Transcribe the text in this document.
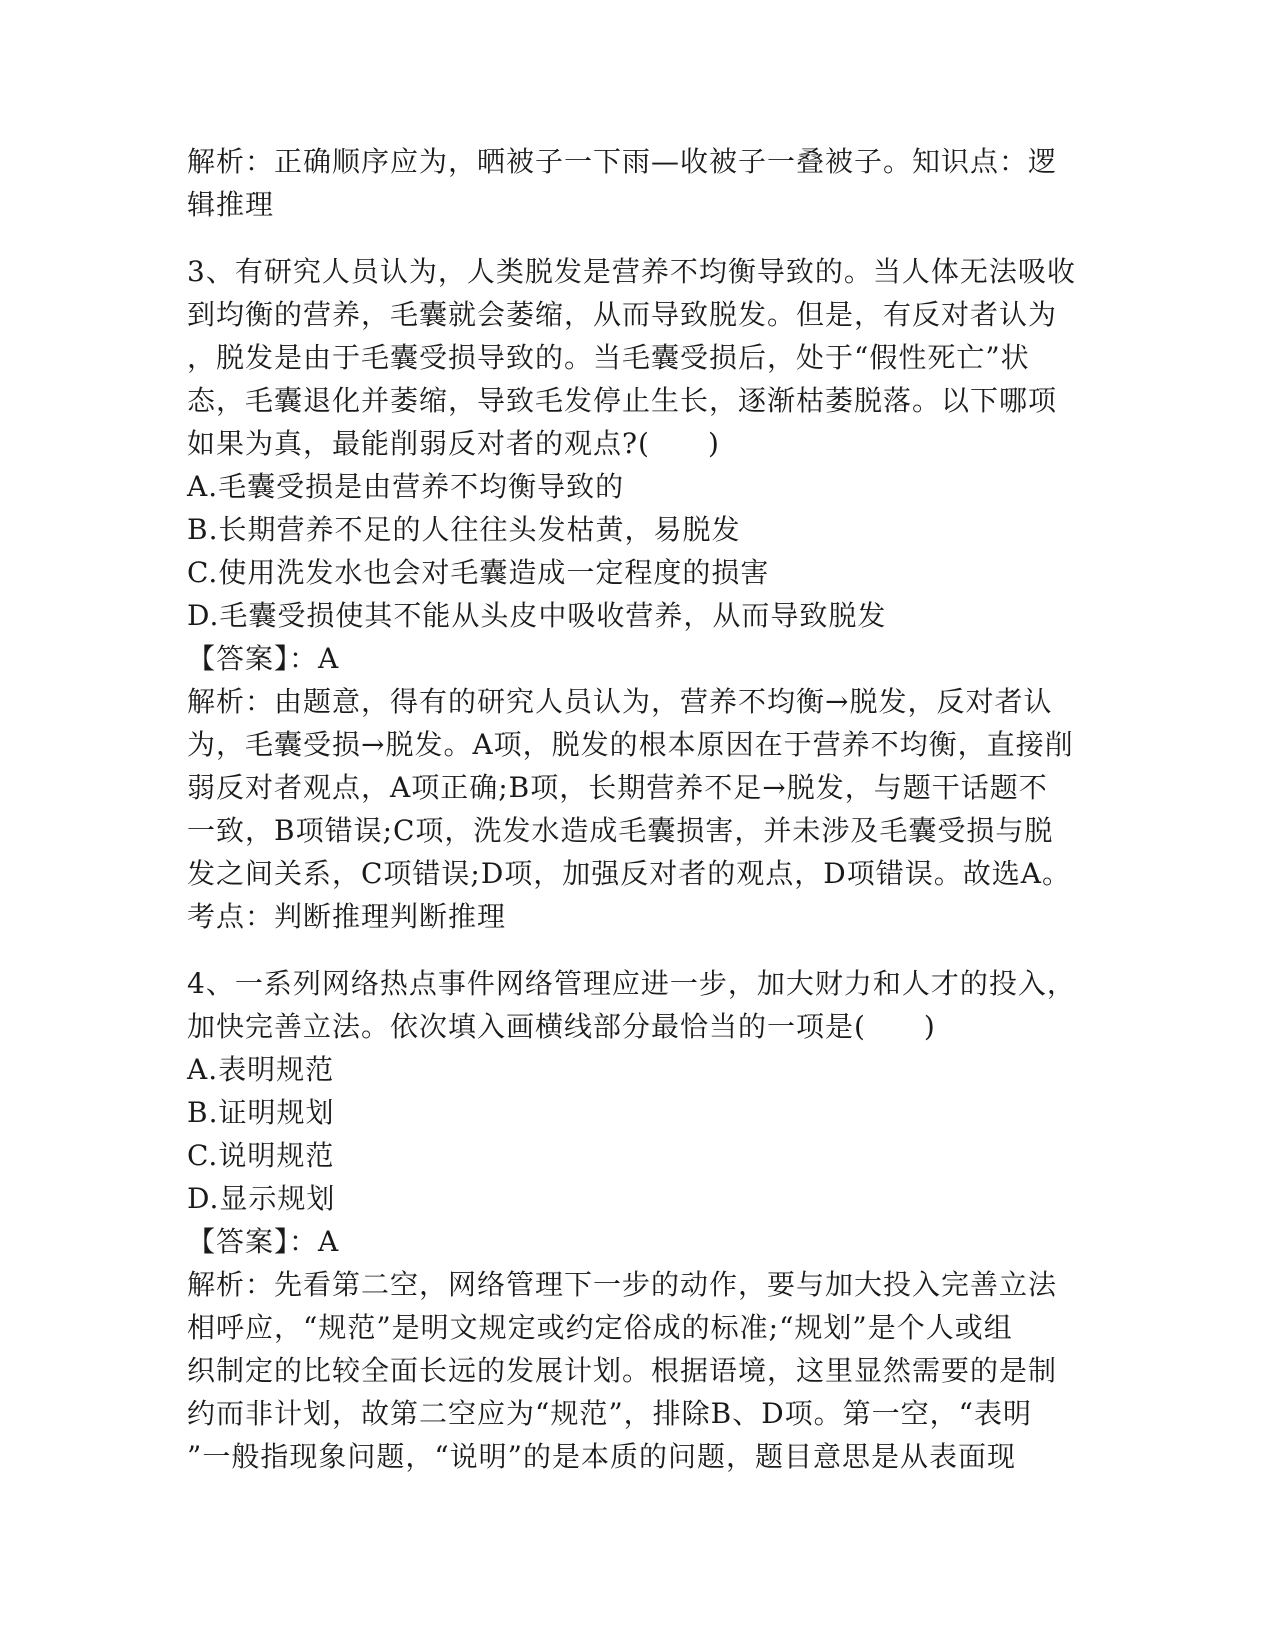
解析：正确顺序应为，晒被子一下雨—收被子一叠被子。知识点：逻
辑推理
3、有研究人员认为，人类脱发是营养不均衡导致的。当人体无法吸收
到均衡的营养，毛囊就会萎缩，从而导致脱发。但是，有反对者认为
，脱发是由于毛囊受损导致的。当毛囊受损后，处于“假性死亡”状
态，毛囊退化并萎缩，导致毛发停止生长，逐渐枯萎脱落。以下哪项
如果为真，最能削弱反对者的观点?(　　)
A.毛囊受损是由营养不均衡导致的
B.长期营养不足的人往往头发枯黄，易脱发
C.使用洗发水也会对毛囊造成一定程度的损害
D.毛囊受损使其不能从头皮中吸收营养，从而导致脱发
【答案】：A
解析：由题意，得有的研究人员认为，营养不均衡→脱发，反对者认
为，毛囊受损→脱发。A项，脱发的根本原因在于营养不均衡，直接削
弱反对者观点，A项正确;B项，长期营养不足→脱发，与题干话题不
一致，B项错误;C项，洗发水造成毛囊损害，并未涉及毛囊受损与脱
发之间关系，C项错误;D项，加强反对者的观点，D项错误。故选A。
考点：判断推理判断推理
4、一系列网络热点事件网络管理应进一步，加大财力和人才的投入，
加快完善立法。依次填入画横线部分最恰当的一项是(　　)
A.表明规范
B.证明规划
C.说明规范
D.显示规划
【答案】：A
解析：先看第二空，网络管理下一步的动作，要与加大投入完善立法
相呼应，“规范”是明文规定或约定俗成的标准;“规划”是个人或组
织制定的比较全面长远的发展计划。根据语境，这里显然需要的是制
约而非计划，故第二空应为“规范”，排除B、D项。第一空，“表明
”一般指现象问题，“说明”的是本质的问题，题目意思是从表面现
